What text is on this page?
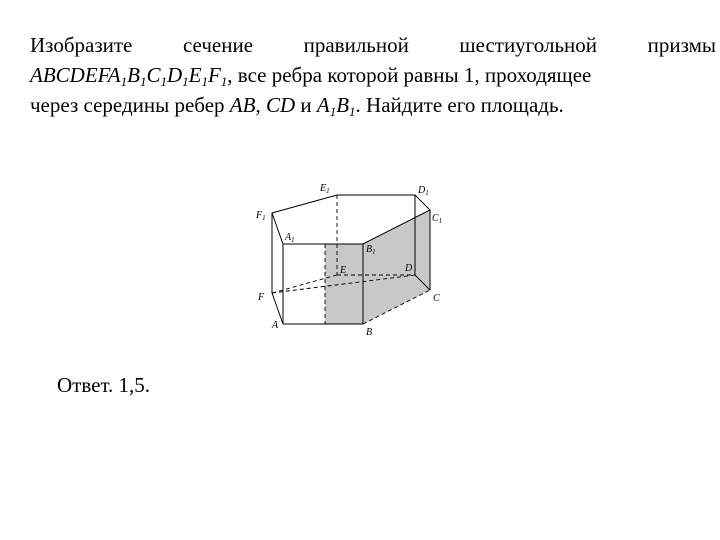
Изобразите сечение правильной шестиугольной призмы
$ABCDEFA_1B_1C_1D_1E_1F_1$, все ребра которой равны 1, проходящее
через середины ребер AB, CD и $A_1B_1$. Найдите его площадь.
$E_1$	$D_1$
$C_1$
$F_1$
$A_1$
$B_1$
E	D
C
F
A
B
Ответ. 1,5.
